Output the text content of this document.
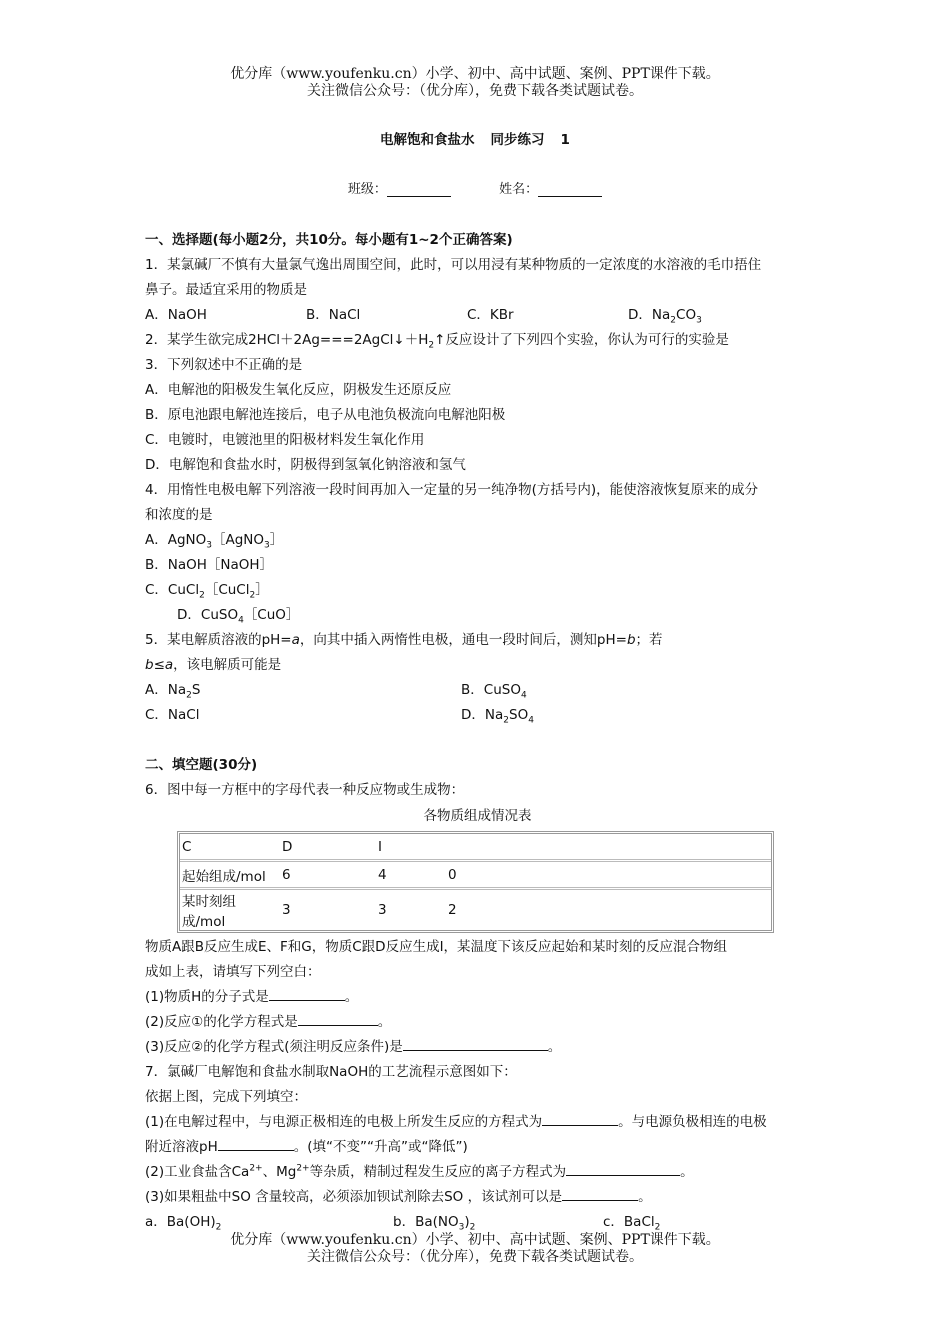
优分库（www.youfenku.cn）小学、初中、高中试题、案例、PPT课件下载。
关注微信公众号：（优分库），免费下载各类试题试卷。
电解饱和食盐水 同步练习 1
班级：	姓名：
一、选择题(每小题2分，共10分。每小题有1~2个正确答案)
1．某氯碱厂不慎有大量氯气逸出周围空间，此时，可以用浸有某种物质的一定浓度的水溶液的毛巾捂住
鼻子。最适宜采用的物质是
A．NaOH	B．NaCl	C．KBr	D．$Na_2CO_3$
2．某学生欲完成$2HCl+2Ag===2AgCl↓+H_2↑$反应设计了下列四个实验，你认为可行的实验是
3．下列叙述中不正确的是
A．电解池的阳极发生氧化反应，阴极发生还原反应
B．原电池跟电解池连接后，电子从电池负极流向电解池阳极
C．电镀时，电镀池里的阳极材料发生氧化作用
D．电解饱和食盐水时，阴极得到氢氧化钠溶液和氢气
4．用惰性电极电解下列溶液一段时间再加入一定量的另一纯净物(方括号内)，能使溶液恢复原来的成分
和浓度的是
A．AgNO$_3$［AgNO$_3$］
B．NaOH［NaOH］
C．CuCl$_2$［CuCl$_2$］
D．CuSO$_4$［CuO］
5．某电解质溶液的pH=a，向其中插入两惰性电极，通电一段时间后，测知pH=b；若
b≤a，该电解质可能是
A．$Na_2S$	B．CuSO$_4$
C．NaCl	D．$Na_2SO_4$
二、填空题(30分)
6．图中每一方框中的字母代表一种反应物或生成物：
各物质组成情况表
C	D	I	
起始组成/mol	6	4	0
某时刻组成/mol	3	3	2
物质A跟B反应生成E、F和G，物质C跟D反应生成I，某温度下该反应起始和某时刻的反应混合物组
成如上表，请填写下列空白：
(1)物质H的分子式是	。
(2)反应①的化学方程式是	。
(3)反应②的化学方程式(须注明反应条件)是	。
7．氯碱厂电解饱和食盐水制取NaOH的工艺流程示意图如下：
依据上图，完成下列填空：
(1)在电解过程中，与电源正极相连的电极上所发生反应的方程式为	。与电源负极相连的电极
附近溶液pH	。(填“不变”“升高”或“降低”)
(2)工业食盐含$Ca^{2+}$、$Mg^{2+}$等杂质，精制过程发生反应的离子方程式为	。
(3)如果粗盐中SO 含量较高，必须添加钡试剂除去SO ，该试剂可以是	。
a．$Ba(OH)_2$	b．$Ba(NO_3)_2$	c．BaCl$_2$
优分库（www.youfenku.cn）小学、初中、高中试题、案例、PPT课件下载。
关注微信公众号：（优分库），免费下载各类试题试卷。
